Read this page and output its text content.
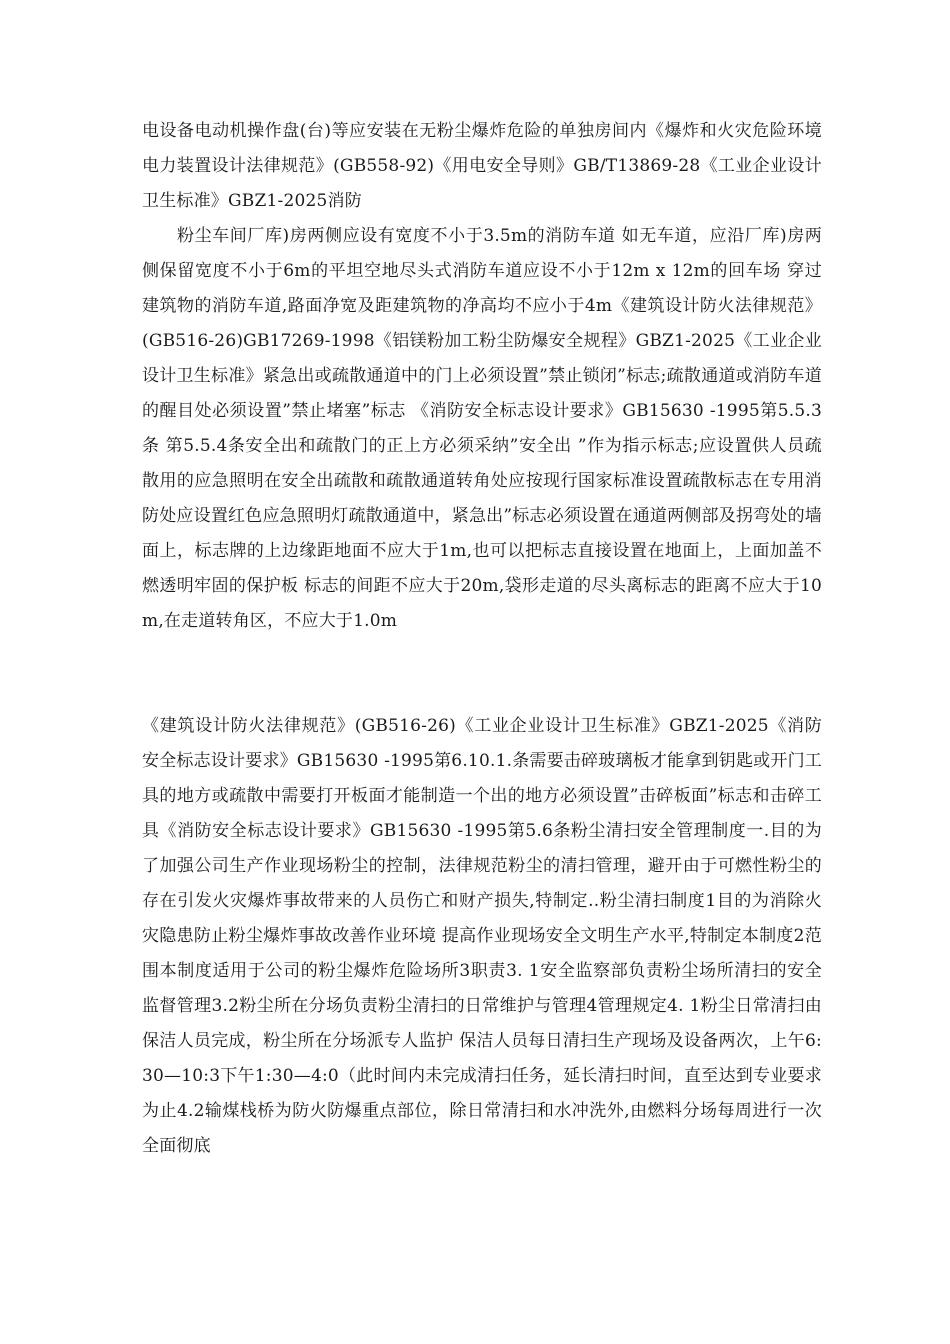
电设备电动机操作盘(台)等应安装在无粉尘爆炸危险的单独房间内《爆炸和火灾危险环境电力装置设计法律规范》(GB558-92)《用电安全导则》GB/T13869-28《工业企业设计卫生标准》GBZ1-2025消防
粉尘车间厂库)房两侧应设有宽度不小于3.5m的消防车道 如无车道，应沿厂库)房两侧保留宽度不小于6m的平坦空地尽头式消防车道应设不小于12m x 12m的回车场 穿过建筑物的消防车道,路面净宽及距建筑物的净高均不应小于4m《建筑设计防火法律规范》(GB516-26)GB17269-1998《铝镁粉加工粉尘防爆安全规程》GBZ1-2025《工业企业设计卫生标准》紧急出或疏散通道中的门上必须设置”禁止锁闭”标志;疏散通道或消防车道的醒目处必须设置”禁止堵塞”标志 《消防安全标志设计要求》GB15630 -1995第5.5.3条 第5.5.4条安全出和疏散门的正上方必须采纳”安全出 ”作为指示标志;应设置供人员疏散用的应急照明在安全出疏散和疏散通道转角处应按现行国家标准设置疏散标志在专用消防处应设置红色应急照明灯疏散通道中，紧急出”标志必须设置在通道两侧部及拐弯处的墙面上，标志牌的上边缘距地面不应大于1m,也可以把标志直接设置在地面上，上面加盖不燃透明牢固的保护板 标志的间距不应大于20m,袋形走道的尽头离标志的距离不应大于10m,在走道转角区，不应大于1.0m
《建筑设计防火法律规范》(GB516-26)《工业企业设计卫生标准》GBZ1-2025《消防安全标志设计要求》GB15630 -1995第6.10.1.条需要击碎玻璃板才能拿到钥匙或开门工具的地方或疏散中需要打开板面才能制造一个出的地方必须设置”击碎板面”标志和击碎工具《消防安全标志设计要求》GB15630 -1995第5.6条粉尘清扫安全管理制度一.目的为了加强公司生产作业现场粉尘的控制，法律规范粉尘的清扫管理，避开由于可燃性粉尘的存在引发火灾爆炸事故带来的人员伤亡和财产损失,特制定..粉尘清扫制度1目的为消除火灾隐患防止粉尘爆炸事故改善作业环境 提高作业现场安全文明生产水平,特制定本制度2范围本制度适用于公司的粉尘爆炸危险场所3职责3. 1安全监察部负责粉尘场所清扫的安全监督管理3.2粉尘所在分场负责粉尘清扫的日常维护与管理4管理规定4. 1粉尘日常清扫由保洁人员完成，粉尘所在分场派专人监护 保洁人员每日清扫生产现场及设备两次，上午6:30—10:3下午1:30—4:0（此时间内未完成清扫任务，延长清扫时间，直至达到专业要求为止4.2输煤栈桥为防火防爆重点部位，除日常清扫和水冲洗外,由燃料分场每周进行一次全面彻底
